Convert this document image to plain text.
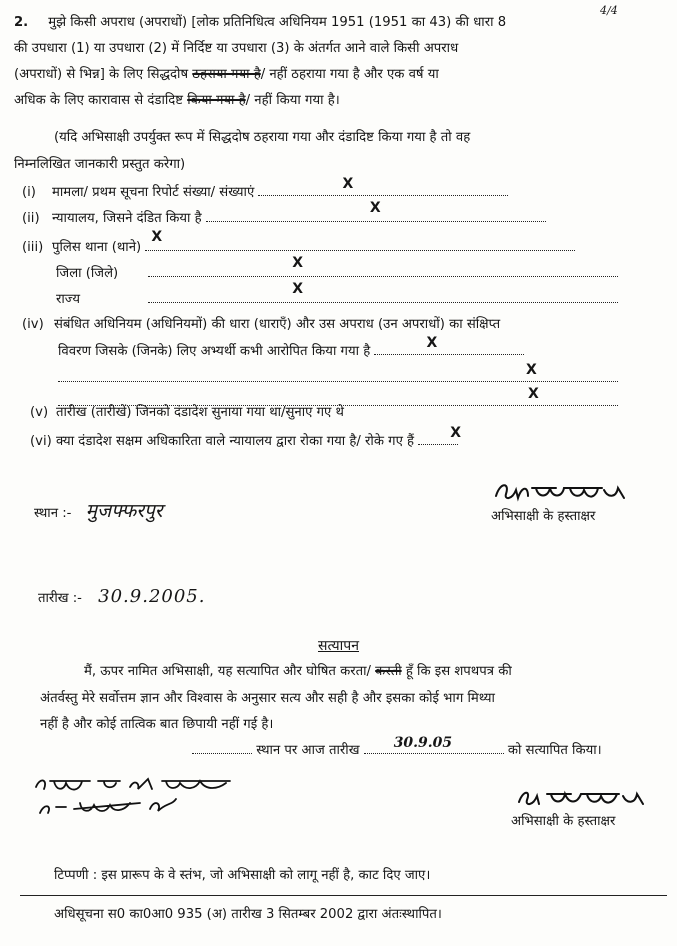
4/4
2. मुझे किसी अपराध (अपराधों) [लोक प्रतिनिधित्व अधिनियम 1951 (1951 का 43) की धारा 8
की उपधारा (1) या उपधारा (2) में निर्दिष्ट या उपधारा (3) के अंतर्गत आने वाले किसी अपराध
(अपराधों) से भिन्न] के लिए सिद्धदोष ठहराया गया है/ नहीं ठहराया गया है और एक वर्ष या
अधिक के लिए कारावास से दंडादिष्ट किया गया है/ नहीं किया गया है।
(यदि अभिसाक्षी उपर्युक्त रूप में सिद्धदोष ठहराया गया और दंडादिष्ट किया गया है तो वह
निम्नलिखित जानकारी प्रस्तुत करेगा)
(i) मामला/ प्रथम सूचना रिपोर्ट संख्या/ संख्याएं
X
(ii) न्यायालय, जिसने दंडित किया है
X
(iii) पुलिस थाना (थाने)
X
जिला (जिले)
X
राज्य
X
(iv) संबंधित अधिनियम (अधिनियमों) की धारा (धाराएँ) और उस अपराध (उन अपराधों) का संक्षिप्त
विवरण जिसके (जिनके) लिए अभ्यर्थी कभी आरोपित किया गया है
X
X
X
(v) तारीख (तारीखें) जिनको दंडादेश सुनाया गया था/सुनाए गए थे
(vi) क्या दंडादेश सक्षम अधिकारिता वाले न्यायालय द्वारा रोका गया है/ रोके गए हैं
X
स्थान :- मुजफ्फरपुर	अभिसाक्षी के हस्ताक्षर
तारीख :- 30.9.2005.
सत्यापन
मैं, ऊपर नामित अभिसाक्षी, यह सत्यापित और घोषित करता/ करती हूँ कि इस शपथपत्र की
अंतर्वस्तु मेरे सर्वोत्तम ज्ञान और विश्वास के अनुसार सत्य और सही है और इसका कोई भाग मिथ्या
नहीं है और कोई तात्विक बात छिपायी नहीं गई है।
स्थान पर आज तारीख 30.9.05	को सत्यापित किया।
अभिसाक्षी के हस्ताक्षर
टिप्पणी : इस प्रारूप के वे स्तंभ, जो अभिसाक्षी को लागू नहीं है, काट दिए जाए।
अधिसूचना स0 का0आ0 935 (अ) तारीख 3 सितम्बर 2002 द्वारा अंतःस्थापित।
